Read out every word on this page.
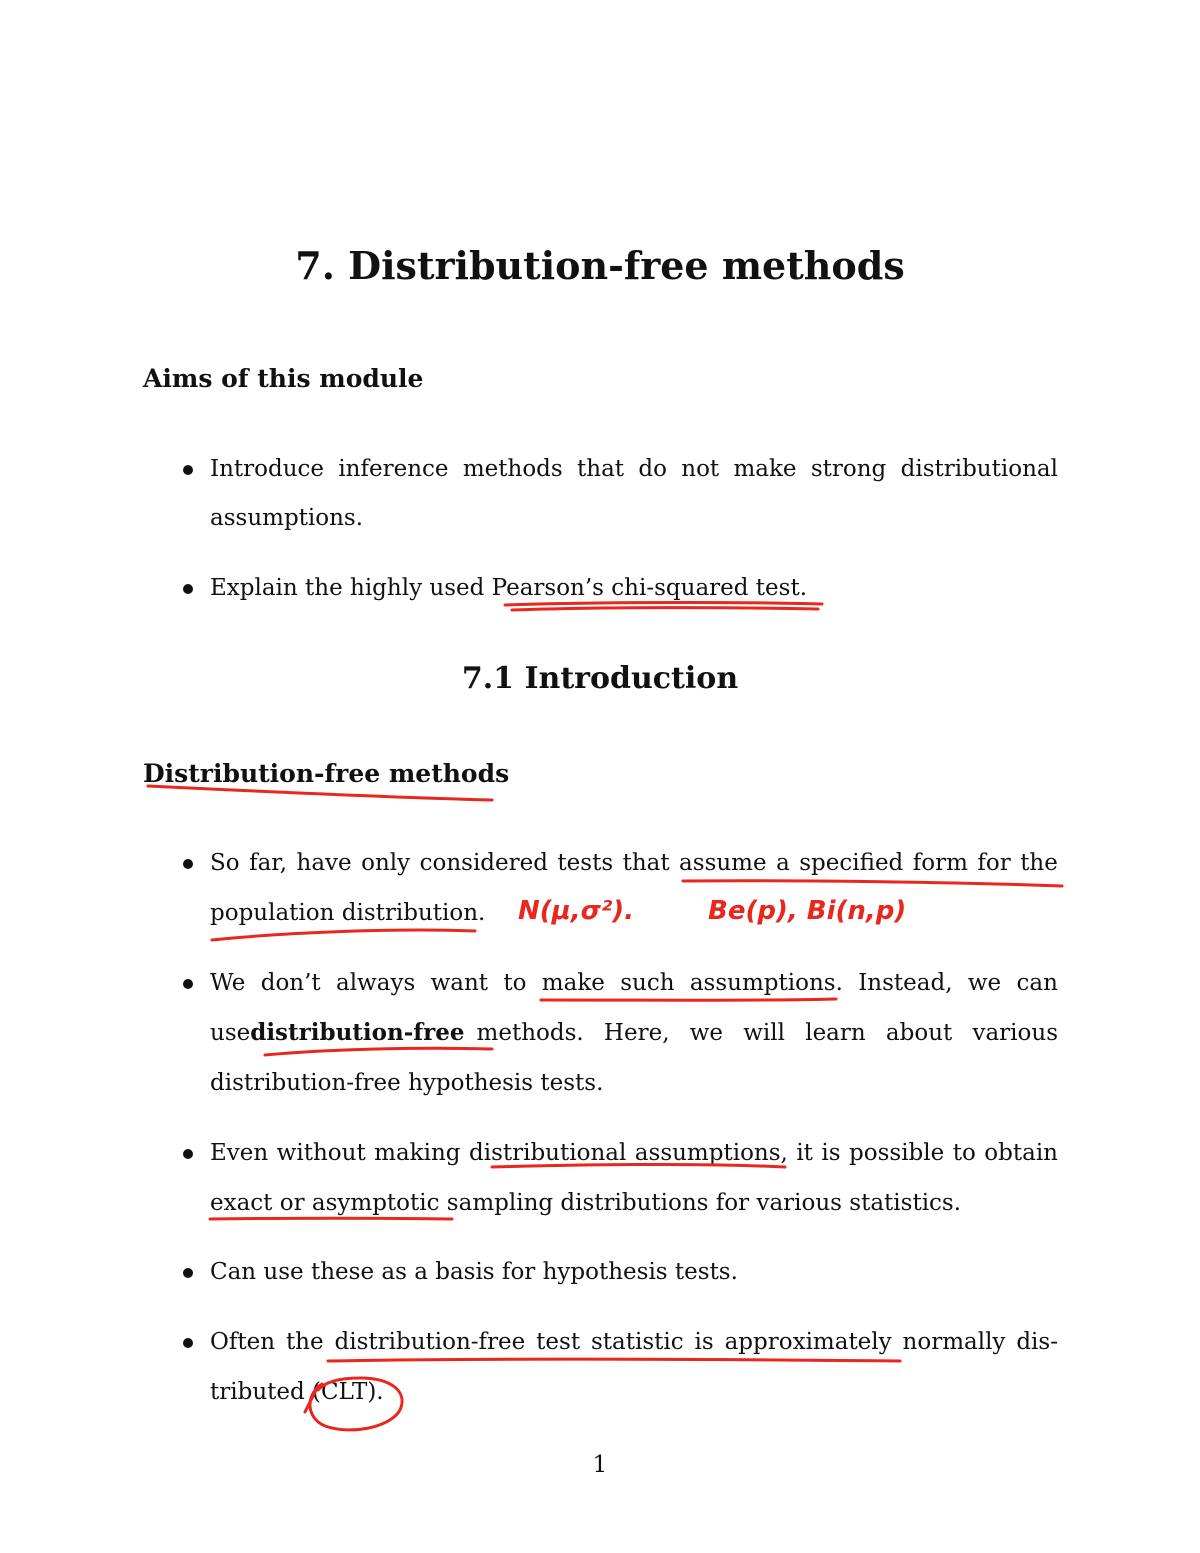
7. Distribution-free methods
Aims of this module
Introduce inference methods that do not make strong distributional
assumptions.
Explain the highly used Pearson’s chi-squared test.
7.1 Introduction
Distribution-free methods
So far, have only considered tests that assume a specified form for the
population distribution. N(μ,σ²).	Be(p), Bi(n,p)
We don’t always want to make such assumptions. Instead, we can
use distribution-free methods. Here, we will learn about various
distribution-free hypothesis tests.
Even without making distributional assumptions, it is possible to obtain
exact or asymptotic sampling distributions for various statistics.
Can use these as a basis for hypothesis tests.
Often the distribution-free test statistic is approximately normally dis-
tributed (CLT).
1
